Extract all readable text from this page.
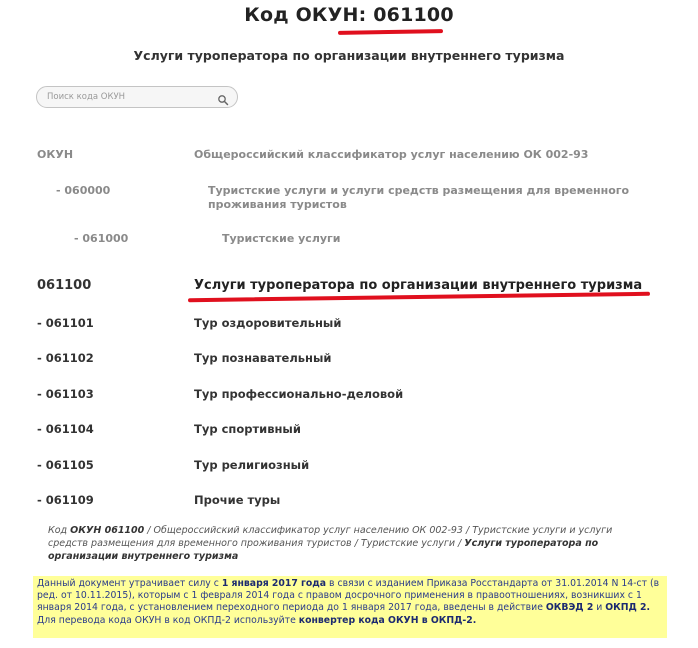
Код ОКУН: 061100
Услуги туроператора по организации внутреннего туризма
Поиск кода ОКУН
ОКУН	Общероссийский классификатор услуг населению ОК 002-93
- 060000	Туристские услуги и услуги средств размещения для временного проживания туристов
- 061000	Туристские услуги
061100	Услуги туроператора по организации внутреннего туризма
- 061101	Тур оздоровительный
- 061102	Тур познавательный
- 061103	Тур профессионально-деловой
- 061104	Тур спортивный
- 061105	Тур религиозный
- 061109	Прочие туры
Код ОКУН 061100 / Общероссийский классификатор услуг населению ОК 002-93 / Туристские услуги и услуги средств размещения для временного проживания туристов / Туристские услуги / Услуги туроператора по организации внутреннего туризма
Данный документ утрачивает силу с 1 января 2017 года в связи с изданием Приказа Росстандарта от 31.01.2014 N 14-ст (в ред. от 10.11.2015), которым с 1 февраля 2014 года с правом досрочного применения в правоотношениях, возникших с 1 января 2014 года, с установлением переходного периода до 1 января 2017 года, введены в действие ОКВЭД 2 и ОКПД 2.
Для перевода кода ОКУН в код ОКПД-2 используйте конвертер кода ОКУН в ОКПД-2.
